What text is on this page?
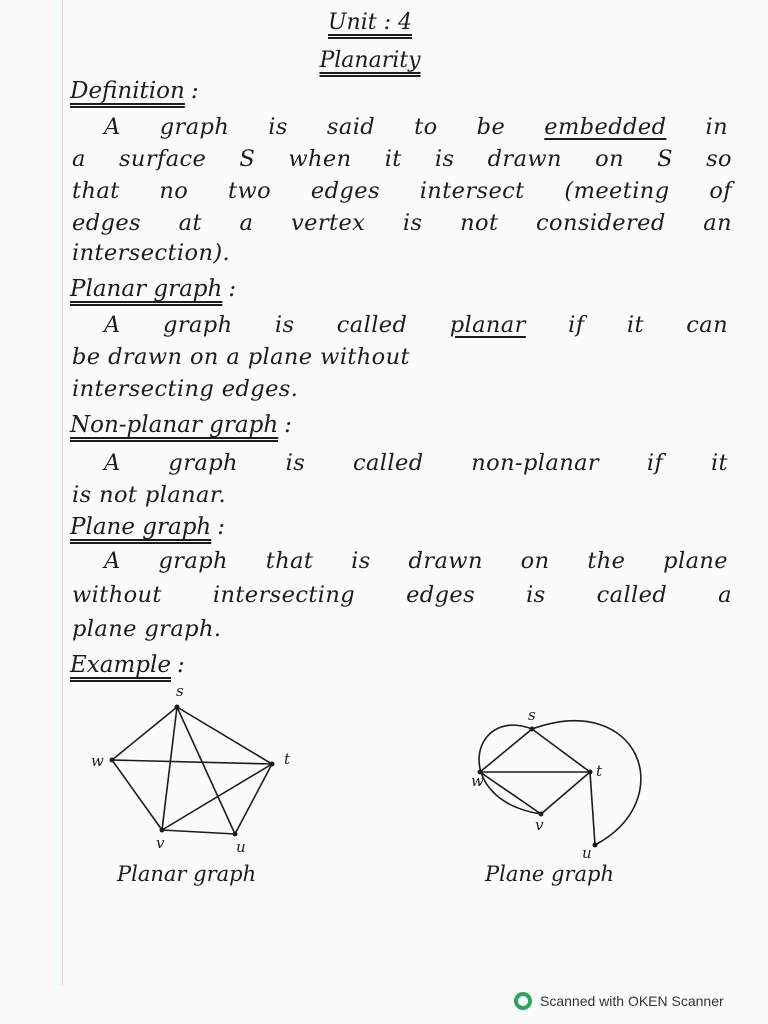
Unit : 4
Planarity
Definition :
A graph is said to be embedded in
a surface S when it is drawn on S so
that no two edges intersect (meeting of
edges at a vertex is not considered an
intersection).
Planar graph :
A graph is called planar if it can
be drawn on a plane without
intersecting edges.
Non-planar graph :
A graph is called non-planar if it
is not planar.
Plane graph :
A graph that is drawn on the plane
without intersecting edges is called a
plane graph.
Example :
s
t
u
v
w
s
t
u
v
w
Planar graph	Plane graph
Scanned with OKEN Scanner
